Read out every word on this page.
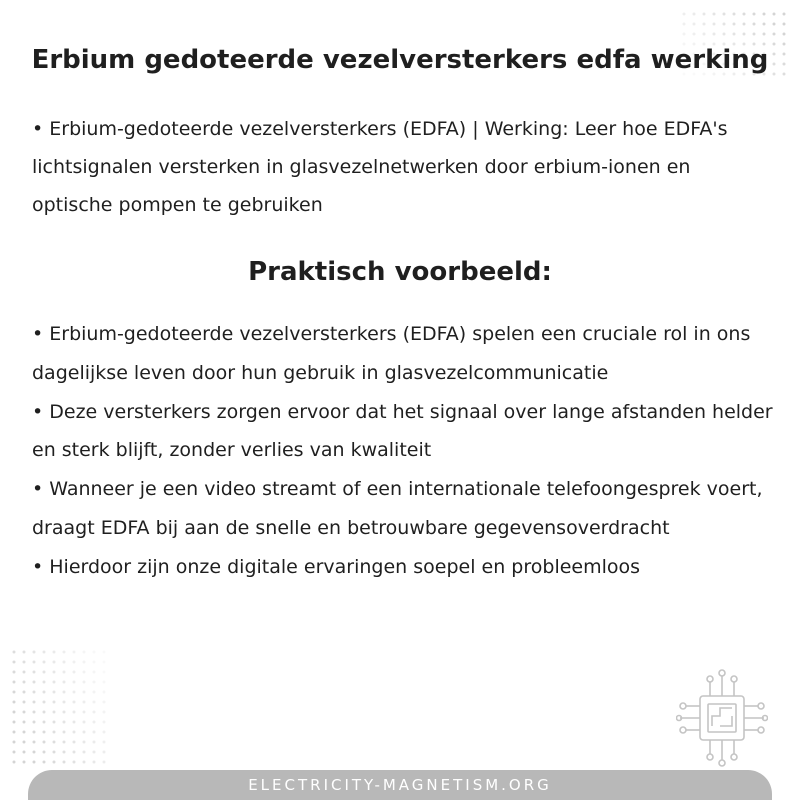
Erbium gedoteerde vezelversterkers edfa werking

• Erbium-gedoteerde vezelversterkers (EDFA) | Werking: Leer hoe EDFA's lichtsignalen versterken in glasvezelnetwerken door erbium-ionen en optische pompen te gebruiken

Praktisch voorbeeld:
• Erbium-gedoteerde vezelversterkers (EDFA) spelen een cruciale rol in ons dagelijkse leven door hun gebruik in glasvezelcommunicatie
• Deze versterkers zorgen ervoor dat het signaal over lange afstanden helder en sterk blijft, zonder verlies van kwaliteit
• Wanneer je een video streamt of een internationale telefoongesprek voert, draagt EDFA bij aan de snelle en betrouwbare gegevensoverdracht
• Hierdoor zijn onze digitale ervaringen soepel en probleemloos
ELECTRICITY-MAGNETISM.ORG
